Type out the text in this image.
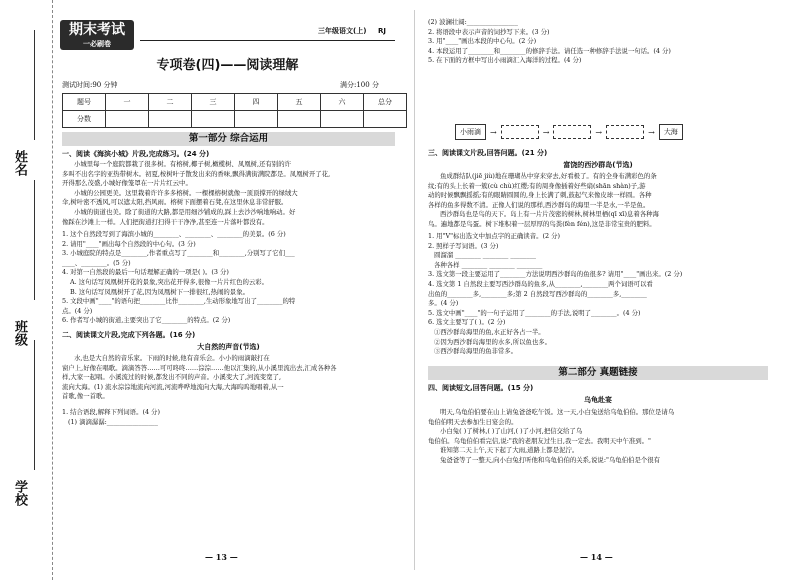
姓名
班级
学校
期末考试
一必刷卷
三年级语文(上) RJ
专项卷(四)——阅读理解
测试时间:90 分钟	满分:100 分
题号	一	二	三	四	五	六	总分
分数							
第一部分 综合运用
一、阅读《海滨小城》片段,完成练习。(24 分)
小城里每一个庭院都栽了很多树。有榕树,椰子树,橄榄树、凤凰树,还有别的许
多叫不出名字的亚热带树木。初夏,桉树叶子散发出来的香味,飘得满街满院都是。凤凰树开了花,
开得那么茂盛,小城好像笼罩在一片片红云中。
小城的公园更美。这里栽着许许多多榕树。一棵棵榕树就像一顶顶撑开的绿绒大
伞,树叶密不透风,可以遮太阳,挡风雨。榕树下面摆着石凳,在这里休息非常舒服。
小城的街道也美。除了街道的大路,都是用细沙铺成的,踩上去沙沙响地响动。好
像踩在沙滩上一样。人们把街道打扫得干干净净,甚至连一片落叶都没有。
1. 这个自然段写到了海滨小城的________、________、________的美景。(6 分)
2. 请用"____"画出每个自然段的中心句。(3 分)
3. 小城庭院的特点是________,作者重点写了________和________,分别写了它们___
____、________。(5 分)
4. 对第一自然段的最后一句话理解正确的一项是( )。(3 分)
A. 这句话写凤凰树开花的景象,突出花开得多,很像一片片红色的云彩。
B. 这句话写凤凰树开了花,因为凤凰树下一排很红,热闹的景象。
5. 文段中画"____"的语句把________比作________,生动形象地写出了________的特
点。(4 分)
6. 作者写小城的街道,主要突出了它________的特点。(2 分)
二、阅读课文片段,完成下列各题。(16 分)
大自然的声音(节选)
水,也是大自然的音乐家。下雨的时候,他有音乐会。小小的雨滴敲打在
窗户上,好像在唱歌。滴滴答答……可可咚咚……淙淙……他以汇集的,从小溪里流出去,汇成各种各
样,大家一起唱。小溪流过的时候,都发出不同的声音。小溪变大了,河流变宽了,
流向大海。(1) 流水淙淙地流向河流,河流哗哗地流向大海,大海呜呜地唱着,从一
首歌,像一首歌。
1. 结合语段,解释下列词语。(4 分)
(1) 滴滴潺潺:________________
— 13 —
(2) 波澜壮阔:________________
2. 将语段中表示声音的词抄写下来。(3 分)
3. 用"____"画出本段的中心句。(2 分)
4. 本段运用了________和________的修辞手法。请任选一种修辞手法说一句话。(4 分)
5. 在下面的方框中写出小雨滴汇入海洋的过程。(4 分)
小雨滴	→	→	→	→	大海
三、阅读课文片段,回答问题。(21 分)
富饶的西沙群岛(节选)
鱼成群结队(jiē jiù)地在珊瑚丛中穿来穿去,好看极了。有的全身布满彩色的条
纹;有的头上长着一簇(cù chù)红缨;有的周身像插着好些扇(shān shàn)子,游
动的时候飘飘摇摇;有的眼睛圆圆的,身上长满了刺,鼓起气来像皮球一样圆。各种
各样的鱼多得数不清。正像人们说的那样,西沙群岛的海里一半是水,一半是鱼。
西沙群岛也是鸟的天下。岛上有一片片茂密的树林,树林里栖(qī xī)息着各种海
鸟。遍地都是鸟蛋。树下堆积着一层厚厚的鸟粪(fèn fén),这是非常宝贵的肥料。
1. 用"V"标出选文中加点字的正确读音。(2 分)
2. 照样子写词语。(3 分)
圆溜溜 ________ ________ ________
各种各样 ________ ________ ________
3. 选文第一段主要运用了________方法说明西沙群岛的鱼很多? 请用"____"画出来。(2 分)
4. 选文第 1 自然段主要写西沙群岛的鱼多,从________,________两个词语可以看
出鱼的________多,________多;第 2 自然段写西沙群岛的________多,________
多。(4 分)
5. 选文中画"____"的一句子运用了________的手法,说明了________。(4 分)
6. 选文主要写了( )。(2 分)
①西沙群岛海里的鱼,水正好各占一半。
②因为西沙群岛海里的水多,所以鱼也多。
③西沙群岛海里的鱼非常多。
第二部分 真题链接
四、阅读短文,回答问题。(15 分)
乌龟赴宴
明天,乌龟伯伯要在山上请兔爸爸吃午饭。这一天,小白兔送给乌龟伯伯。那位是请乌
龟伯伯明天去参加生日宴会的。
小白兔( )了树林,( )了山河,( )了小河,把信交给了乌
龟伯伯。乌龟伯伯看完信,说:"我的老朋友过生日,我一定去。我明天中午准到。"
谁知第二天上午,天下起了大雨,道路上都是泥泞。
兔爸爸等了一整天,向小白兔打听他和乌龟伯伯的关系,说说:"乌龟伯伯是个很有
— 14 —
